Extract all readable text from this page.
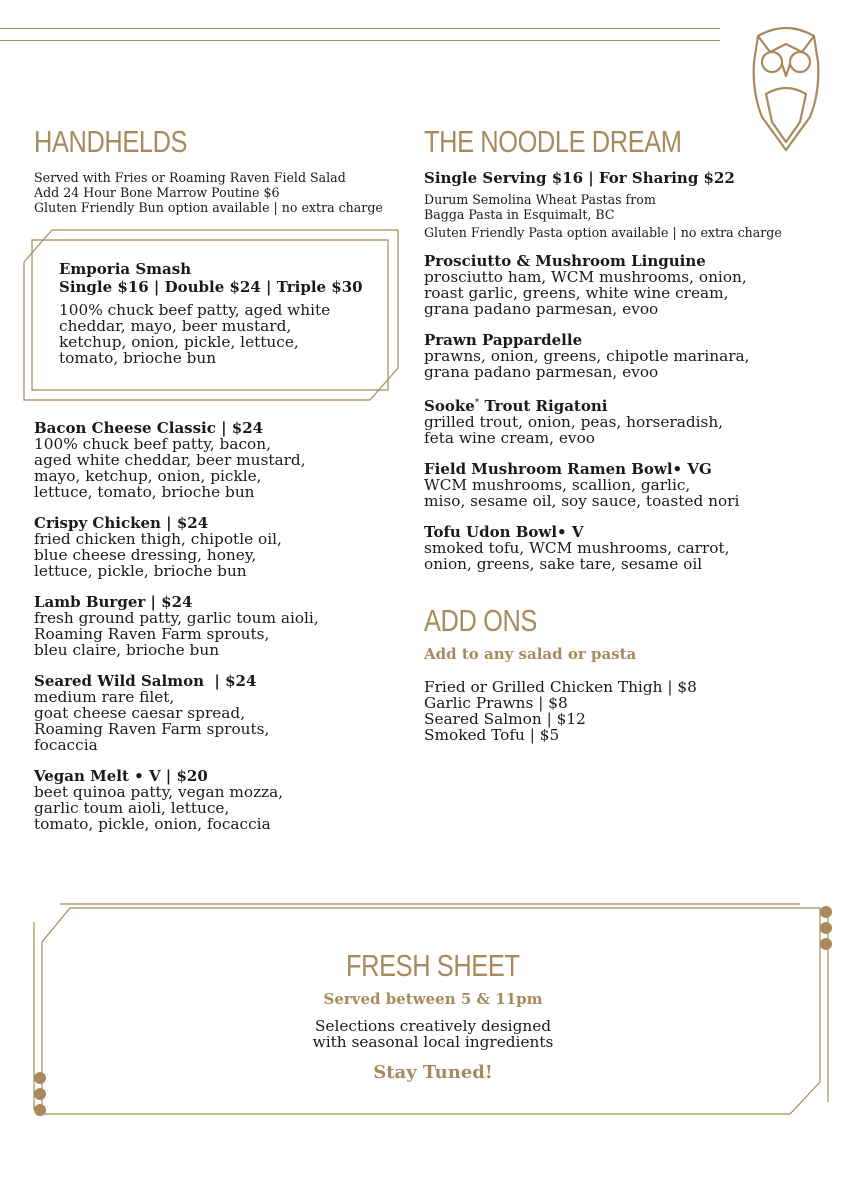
HANDHELDS

Served with Fries or Roaming Raven Field Salad

Add 24 Hour Bone Marrow Poutine $6

Gluten Friendly Bun option available | no extra charge

Emporia Smash

Single $16 | Double $24 | Triple $30

100% chuck beef patty, aged white

cheddar, mayo, beer mustard,

ketchup, onion, pickle, lettuce,

tomato, brioche bun

Bacon Cheese Classic | $24

100% chuck beef patty, bacon,

aged white cheddar, beer mustard,

mayo, ketchup, onion, pickle,

lettuce, tomato, brioche bun

Crispy Chicken | $24

fried chicken thigh, chipotle oil,

blue cheese dressing, honey,

lettuce, pickle, brioche bun

Lamb Burger | $24

fresh ground patty, garlic toum aioli,

Roaming Raven Farm sprouts,

bleu claire, brioche bun

Seared Wild Salmon  | $24

medium rare filet,

goat cheese caesar spread,

Roaming Raven Farm sprouts,

focaccia

Vegan Melt • V | $20

beet quinoa patty, vegan mozza,

garlic toum aioli, lettuce,

tomato, pickle, onion, focaccia

THE NOODLE DREAM

Single Serving $16 | For Sharing $22

Durum Semolina Wheat Pastas from

Bagga Pasta in Esquimalt, BC

Gluten Friendly Pasta option available | no extra charge

Prosciutto & Mushroom Linguine

prosciutto ham, WCM mushrooms, onion,

roast garlic, greens, white wine cream,

grana padano parmesan, evoo

Prawn Pappardelle

prawns, onion, greens, chipotle marinara,

grana padano parmesan, evoo

Sooke* Trout Rigatoni

grilled trout, onion, peas, horseradish,

feta wine cream, evoo

Field Mushroom Ramen Bowl• VG

WCM mushrooms, scallion, garlic,

miso, sesame oil, soy sauce, toasted nori

Tofu Udon Bowl• V

smoked tofu, WCM mushrooms, carrot,

onion, greens, sake tare, sesame oil

ADD ONS

Add to any salad or pasta

Fried or Grilled Chicken Thigh | $8

Garlic Prawns | $8

Seared Salmon | $12

Smoked Tofu | $5

FRESH SHEET

Served between 5 & 11pm

Selections creatively designed

with seasonal local ingredients

Stay Tuned!
